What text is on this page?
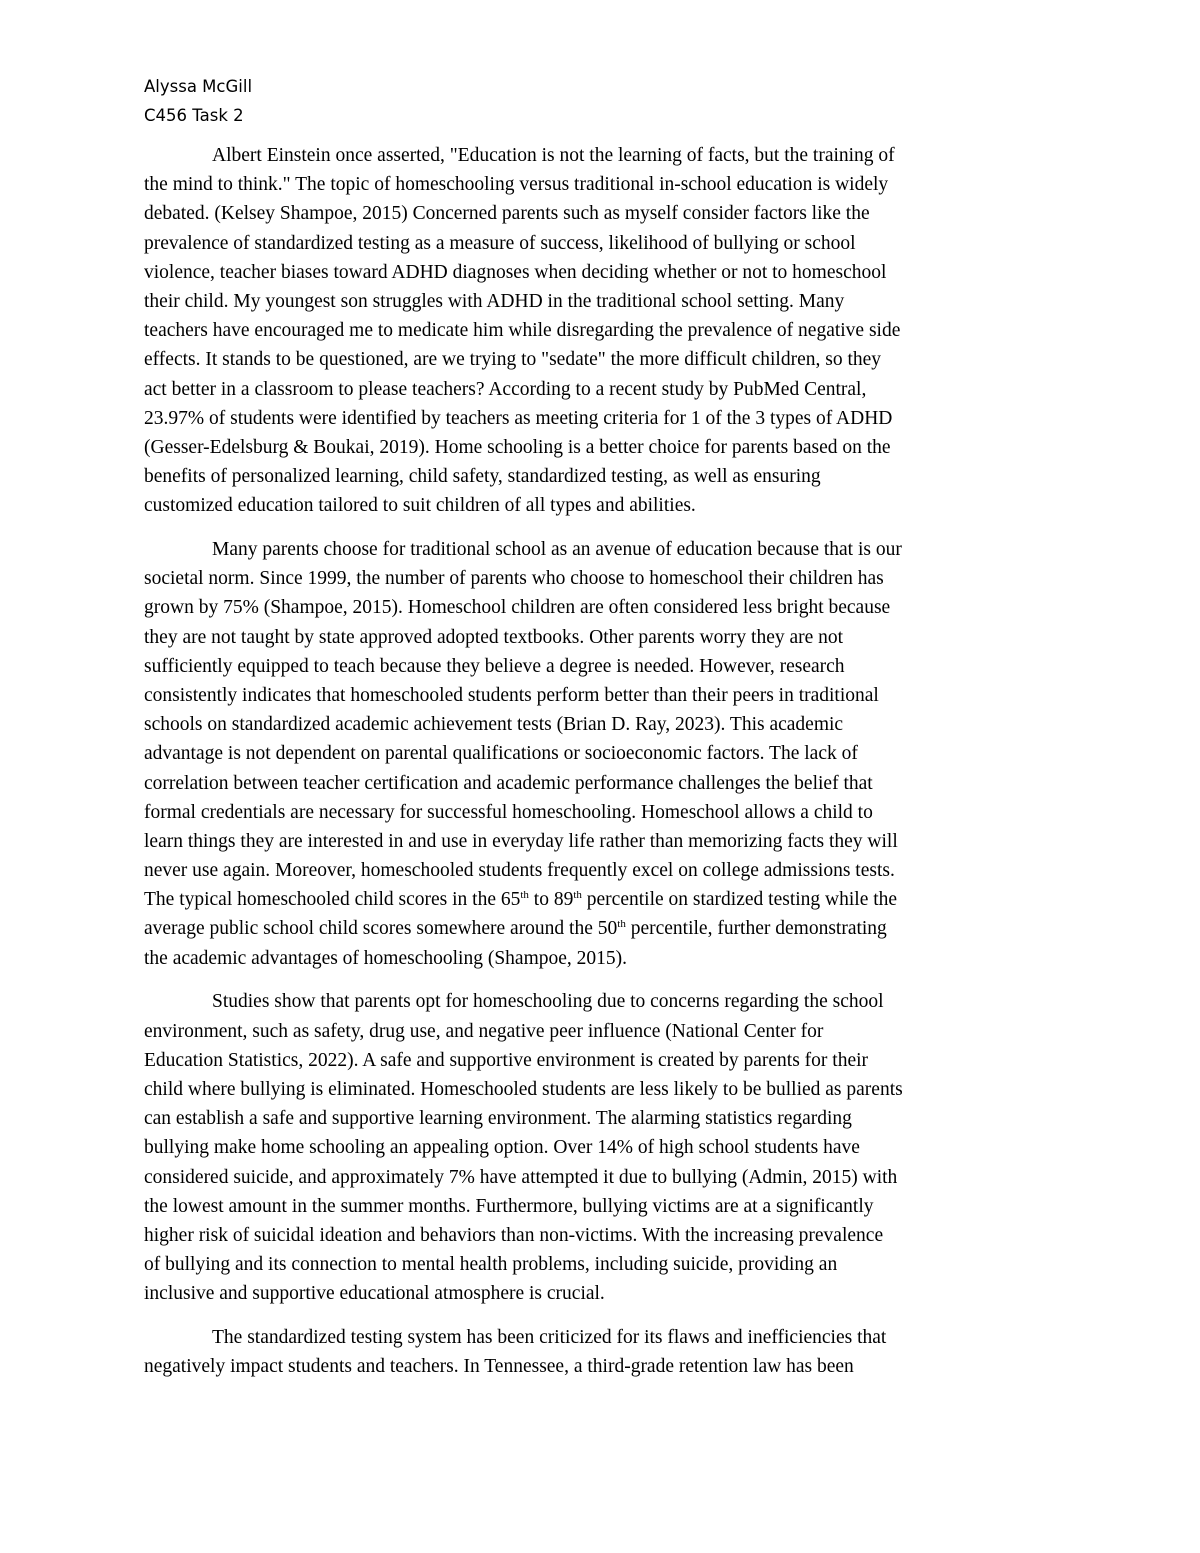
Alyssa McGill
C456 Task 2
Albert Einstein once asserted, "Education is not the learning of facts, but the training of
the mind to think." The topic of homeschooling versus traditional in-school education is widely
debated. (Kelsey Shampoe, 2015) Concerned parents such as myself consider factors like the
prevalence of standardized testing as a measure of success, likelihood of bullying or school
violence, teacher biases toward ADHD diagnoses when deciding whether or not to homeschool
their child. My youngest son struggles with ADHD in the traditional school setting. Many
teachers have encouraged me to medicate him while disregarding the prevalence of negative side
effects. It stands to be questioned, are we trying to "sedate" the more difficult children, so they
act better in a classroom to please teachers? According to a recent study by PubMed Central,
23.97% of students were identified by teachers as meeting criteria for 1 of the 3 types of ADHD
(Gesser-Edelsburg & Boukai, 2019). Home schooling is a better choice for parents based on the
benefits of personalized learning, child safety, standardized testing, as well as ensuring
customized education tailored to suit children of all types and abilities.
Many parents choose for traditional school as an avenue of education because that is our
societal norm. Since 1999, the number of parents who choose to homeschool their children has
grown by 75% (Shampoe, 2015). Homeschool children are often considered less bright because
they are not taught by state approved adopted textbooks. Other parents worry they are not
sufficiently equipped to teach because they believe a degree is needed. However, research
consistently indicates that homeschooled students perform better than their peers in traditional
schools on standardized academic achievement tests (Brian D. Ray, 2023). This academic
advantage is not dependent on parental qualifications or socioeconomic factors. The lack of
correlation between teacher certification and academic performance challenges the belief that
formal credentials are necessary for successful homeschooling. Homeschool allows a child to
learn things they are interested in and use in everyday life rather than memorizing facts they will
never use again. Moreover, homeschooled students frequently excel on college admissions tests.
The typical homeschooled child scores in the 65th to 89th percentile on stardized testing while the
average public school child scores somewhere around the 50th percentile, further demonstrating
the academic advantages of homeschooling (Shampoe, 2015).
Studies show that parents opt for homeschooling due to concerns regarding the school
environment, such as safety, drug use, and negative peer influence (National Center for
Education Statistics, 2022). A safe and supportive environment is created by parents for their
child where bullying is eliminated. Homeschooled students are less likely to be bullied as parents
can establish a safe and supportive learning environment. The alarming statistics regarding
bullying make home schooling an appealing option. Over 14% of high school students have
considered suicide, and approximately 7% have attempted it due to bullying (Admin, 2015) with
the lowest amount in the summer months. Furthermore, bullying victims are at a significantly
higher risk of suicidal ideation and behaviors than non-victims. With the increasing prevalence
of bullying and its connection to mental health problems, including suicide, providing an
inclusive and supportive educational atmosphere is crucial.
The standardized testing system has been criticized for its flaws and inefficiencies that
negatively impact students and teachers. In Tennessee, a third-grade retention law has been
